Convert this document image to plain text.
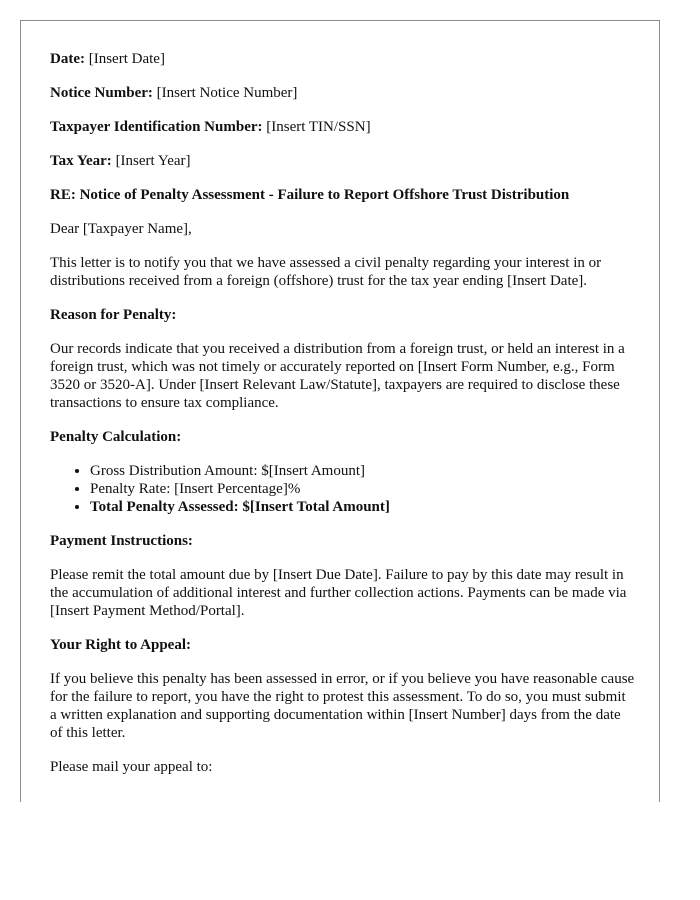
Date: [Insert Date]

Notice Number: [Insert Notice Number]

Taxpayer Identification Number: [Insert TIN/SSN]

Tax Year: [Insert Year]

RE: Notice of Penalty Assessment - Failure to Report Offshore Trust Distribution

Dear [Taxpayer Name],

This letter is to notify you that we have assessed a civil penalty regarding your interest in or distributions received from a foreign (offshore) trust for the tax year ending [Insert Date].

Reason for Penalty:

Our records indicate that you received a distribution from a foreign trust, or held an interest in a foreign trust, which was not timely or accurately reported on [Insert Form Number, e.g., Form 3520 or 3520-A]. Under [Insert Relevant Law/Statute], taxpayers are required to disclose these transactions to ensure tax compliance.

Penalty Calculation:

• Gross Distribution Amount: $[Insert Amount]
• Penalty Rate: [Insert Percentage]%
• Total Penalty Assessed: $[Insert Total Amount]

Payment Instructions:

Please remit the total amount due by [Insert Due Date]. Failure to pay by this date may result in the accumulation of additional interest and further collection actions. Payments can be made via [Insert Payment Method/Portal].

Your Right to Appeal:

If you believe this penalty has been assessed in error, or if you believe you have reasonable cause for the failure to report, you have the right to protest this assessment. To do so, you must submit a written explanation and supporting documentation within [Insert Number] days from the date of this letter.

Please mail your appeal to:
